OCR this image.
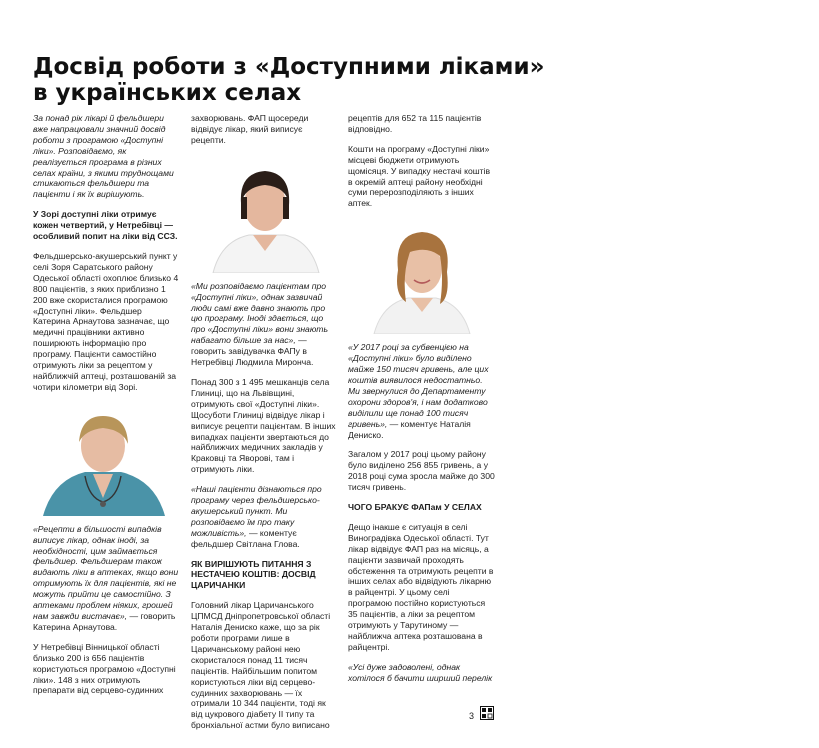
Досвід роботи з «Доступними ліками»
в українських селах

За понад рік лікарі й фельдшери вже напрацювали значний досвід роботи з програмою «Доступні ліки». Розповідаємо, як реалізується програма в різних селах країни, з якими труднощами стикаються фельдшери та пацієнти і як їх вирішують.

У Зорі доступні ліки отримує кожен четвертий, у Нетребівці — особливий попит на ліки від ССЗ.

Фельдшерсько-акушерський пункт у селі Зоря Саратського району Одеської області охоплює близько 4 800 пацієнтів, з яких приблизно 1 200 вже скористалися програмою «Доступні ліки». Фельдшер Катерина Арнаутова зазначає, що медичні працівники активно поширюють інформацію про програму. Пацієнти самостійно отримують ліки за рецептом у найближчій аптеці, розташованій за чотири кілометри від Зорі.

«Рецепти в більшості випадків виписує лікар, однак іноді, за необхідності, цим займається фельдшер. Фельдшерам також видають ліки в аптеках, якщо вони отримують їх для пацієнтів, які не можуть прийти це самостійно. З аптеками проблем ніяких, грошей нам завжди вистачає», — говорить Катерина Арнаутова.

У Нетребівці Вінницької області близько 200 із 656 пацієнтів користуються програмою «Доступні ліки». 148 з них отримують препарати від серцево-судинних

захворювань. ФАП щосереди відвідує лікар, який виписує рецепти.

«Ми розповідаємо пацієнтам про «Доступні ліки», однак зазвичай люди самі вже давно знають про цю програму. Іноді здається, що про «Доступні ліки» вони знають набагато більше за нас», — говорить завідувачка ФАПу в Нетребівці Людмила Миронча.

Понад 300 з 1 495 мешканців села Глиниці, що на Львівщині, отримують свої «Доступні ліки». Щосуботи Глиниці відвідує лікар і виписує рецепти пацієнтам. В інших випадках пацієнти звертаються до найближчих медичних закладів у Краковці та Яворові, там і отримують ліки.

«Наші пацієнти дізнаються про програму через фельдшерсько-акушерський пункт. Ми розповідаємо їм про таку можливість», — коментує фельдшер Світлана Глова.

ЯК ВИРІШУЮТЬ ПИТАННЯ З НЕСТАЧЕЮ КОШТІВ: ДОСВІД ЦАРИЧАНКИ

Головний лікар Царичанського ЦПМСД Дніпропетровської області Наталія Дениско каже, що за рік роботи програми лише в Царичанському районі нею скористалося понад 11 тисяч пацієнтів. Найбільшим попитом користуються ліки від серцево-судинних захворювань — їх отримали 10 344 пацієнти, тоді як від цукрового діабету ІІ типу та бронхіальної астми було виписано

рецептів для 652 та 115 пацієнтів відповідно.

Кошти на програму «Доступні ліки» місцеві бюджети отримують щомісяця. У випадку нестачі коштів в окремій аптеці району необхідні суми перерозподіляють з інших аптек.

«У 2017 році за субвенцією на «Доступні ліки» було виділено майже 150 тисяч гривень, але цих коштів виявилося недостатньо. Ми звернулися до Департаменту охорони здоров'я, і нам додатково виділили ще понад 100 тисяч гривень», — коментує Наталія Дениско.

Загалом у 2017 році цьому району було виділено 256 855 гривень, а у 2018 році сума зросла майже до 300 тисяч гривень.

ЧОГО БРАКУЄ ФАПам У СЕЛАХ

Дещо інакше є ситуація в селі Виноградівка Одеської області. Тут лікар відвідує ФАП раз на місяць, а пацієнти зазвичай проходять обстеження та отримують рецепти в інших селах або відвідують лікарню в райцентрі. У цьому селі програмою постійно користуються 35 пацієнтів, а ліки за рецептом отримують у Тарутиному — найближча аптека розташована в райцентрі.

«Усі дуже задоволені, однак хотілося б бачити ширший перелік

3
